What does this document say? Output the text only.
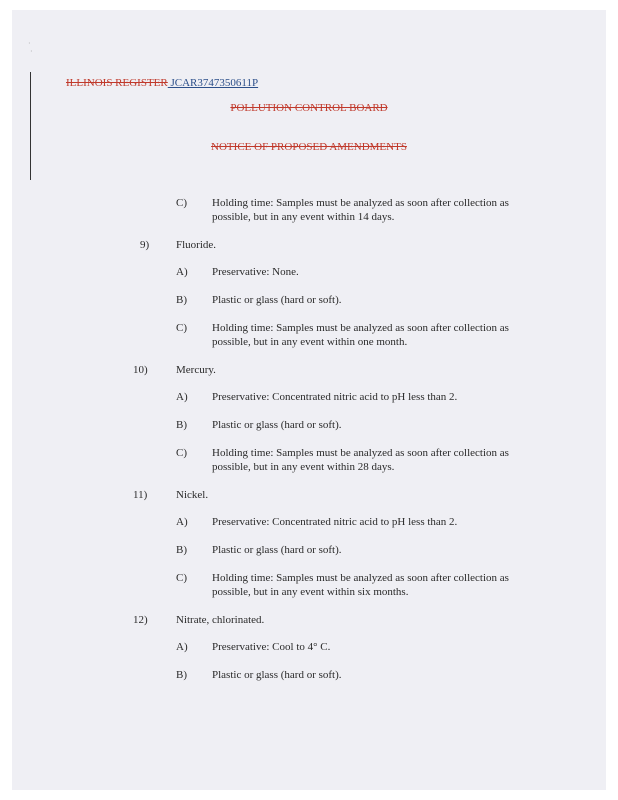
·
·
ILLINOIS REGISTER JCAR3747350611P
POLLUTION CONTROL BOARD
NOTICE OF PROPOSED AMENDMENTS
C) Holding time: Samples must be analyzed as soon after collection as possible, but in any event within 14 days.
9)	Fluoride.
A) Preservative: None.
B) Plastic or glass (hard or soft).
C) Holding time: Samples must be analyzed as soon after collection as possible, but in any event within one month.
10)	Mercury.
A) Preservative: Concentrated nitric acid to pH less than 2.
B) Plastic or glass (hard or soft).
C) Holding time: Samples must be analyzed as soon after collection as possible, but in any event within 28 days.
11)	Nickel.
A) Preservative: Concentrated nitric acid to pH less than 2.
B) Plastic or glass (hard or soft).
C) Holding time: Samples must be analyzed as soon after collection as possible, but in any event within six months.
12)	Nitrate, chlorinated.
A) Preservative: Cool to 4° C.
B) Plastic or glass (hard or soft).
